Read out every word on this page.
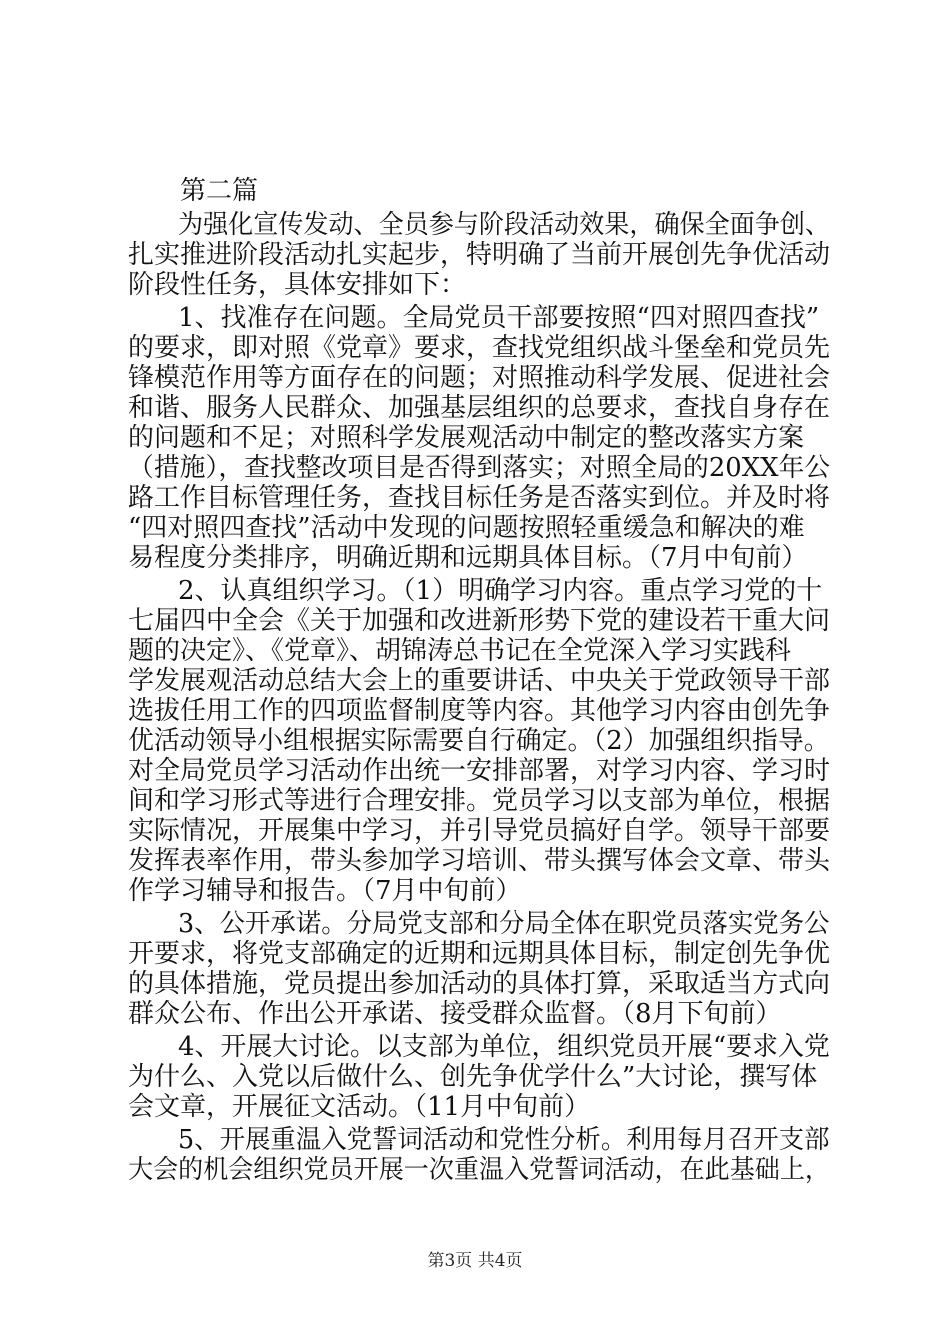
第二篇

为强化宣传发动、全员参与阶段活动效果，确保全面争创、

扎实推进阶段活动扎实起步，特明确了当前开展创先争优活动

阶段性任务，具体安排如下：

1、找准存在问题。全局党员干部要按照“四对照四查找”

的要求，即对照《党章》要求，查找党组织战斗堡垒和党员先

锋模范作用等方面存在的问题；对照推动科学发展、促进社会

和谐、服务人民群众、加强基层组织的总要求，查找自身存在

的问题和不足；对照科学发展观活动中制定的整改落实方案

（措施），查找整改项目是否得到落实；对照全局的20XX年公

路工作目标管理任务，查找目标任务是否落实到位。并及时将

“四对照四查找”活动中发现的问题按照轻重缓急和解决的难

易程度分类排序，明确近期和远期具体目标。（7月中旬前）

2、认真组织学习。（1）明确学习内容。重点学习党的十

七届四中全会《关于加强和改进新形势下党的建设若干重大问

题的决定》、《党章》、胡锦涛总书记在全党深入学习实践科

学发展观活动总结大会上的重要讲话、中央关于党政领导干部

选拔任用工作的四项监督制度等内容。其他学习内容由创先争

优活动领导小组根据实际需要自行确定。（2）加强组织指导。

对全局党员学习活动作出统一安排部署，对学习内容、学习时

间和学习形式等进行合理安排。党员学习以支部为单位，根据

实际情况，开展集中学习，并引导党员搞好自学。领导干部要

发挥表率作用，带头参加学习培训、带头撰写体会文章、带头

作学习辅导和报告。（7月中旬前）

3、公开承诺。分局党支部和分局全体在职党员落实党务公

开要求，将党支部确定的近期和远期具体目标，制定创先争优

的具体措施，党员提出参加活动的具体打算，采取适当方式向

群众公布、作出公开承诺、接受群众监督。（8月下旬前）

4、开展大讨论。以支部为单位，组织党员开展“要求入党

为什么、入党以后做什么、创先争优学什么”大讨论，撰写体

会文章，开展征文活动。（11月中旬前）

5、开展重温入党誓词活动和党性分析。利用每月召开支部

大会的机会组织党员开展一次重温入党誓词活动，在此基础上，

第3页 共4页
